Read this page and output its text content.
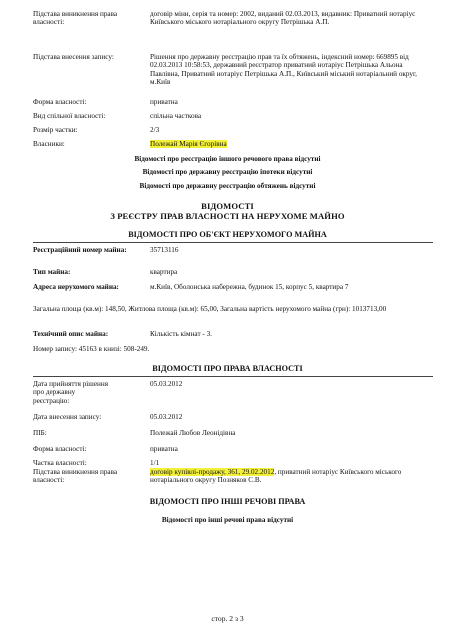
Підстава виникнення права власності:
договір міни, серія та номер: 2002, виданий 02.03.2013, видавник: Приватний нотаріус Київського міського нотаріального округу Петрішька А.П.
Підстава внесення запису:	Рішення про державну реєстрацію прав та їх обтяжень, індексний номер: 669895 від 02.03.2013 10:58:53, державний реєстратор приватний нотаріус Петрішька Альона Павлівна, Приватний нотаріус Петрішька А.П., Київський міський нотаріальний округ, м.Київ
Форма власності:	приватна
Вид спільної власності:	спільна часткова
Розмір частки:	2/3
Власники:	Полежай Марія Єгорівна
Відомості про реєстрацію іншого речового права відсутні
Відомості про державну реєстрацію іпотеки відсутні
Відомості про державну реєстрацію обтяжень відсутні
ВІДОМОСТІ
З РЕЄСТРУ ПРАВ ВЛАСНОСТІ НА НЕРУХОМЕ МАЙНО
ВІДОМОСТІ ПРО ОБ'ЄКТ НЕРУХОМОГО МАЙНА
Реєстраційний номер майна:	35713116
Тип майна:	квартира
Адреса нерухомого майна:	м.Київ, Оболонська набережна, будинок 15, корпус 5, квартира 7
Загальна площа (кв.м): 148,50, Житлова площа (кв.м): 65,00, Загальна вартість нерухомого майна (грн): 1013713,00
Технічний опис майна:	Кількість кімнат - 3.
Номер запису: 45163 в книзі: 508-249.
ВІДОМОСТІ ПРО ПРАВА ВЛАСНОСТІ
Дата прийняття рішення про державну реєстрацію:
05.03.2012
Дата внесення запису:	05.03.2012
ПІБ:	Полежай Любов Леонідівна
Форма власності:	приватна
Частка власності:	1/1
Підстава виникнення права власності:
договір купівлі-продажу, 361, 29.02.2012, приватний нотаріус Київського міського нотаріального округу Позняков С.В.
ВІДОМОСТІ ПРО ІНШІ РЕЧОВІ ПРАВА
Відомості про інші речові права відсутні
стор. 2 з 3
